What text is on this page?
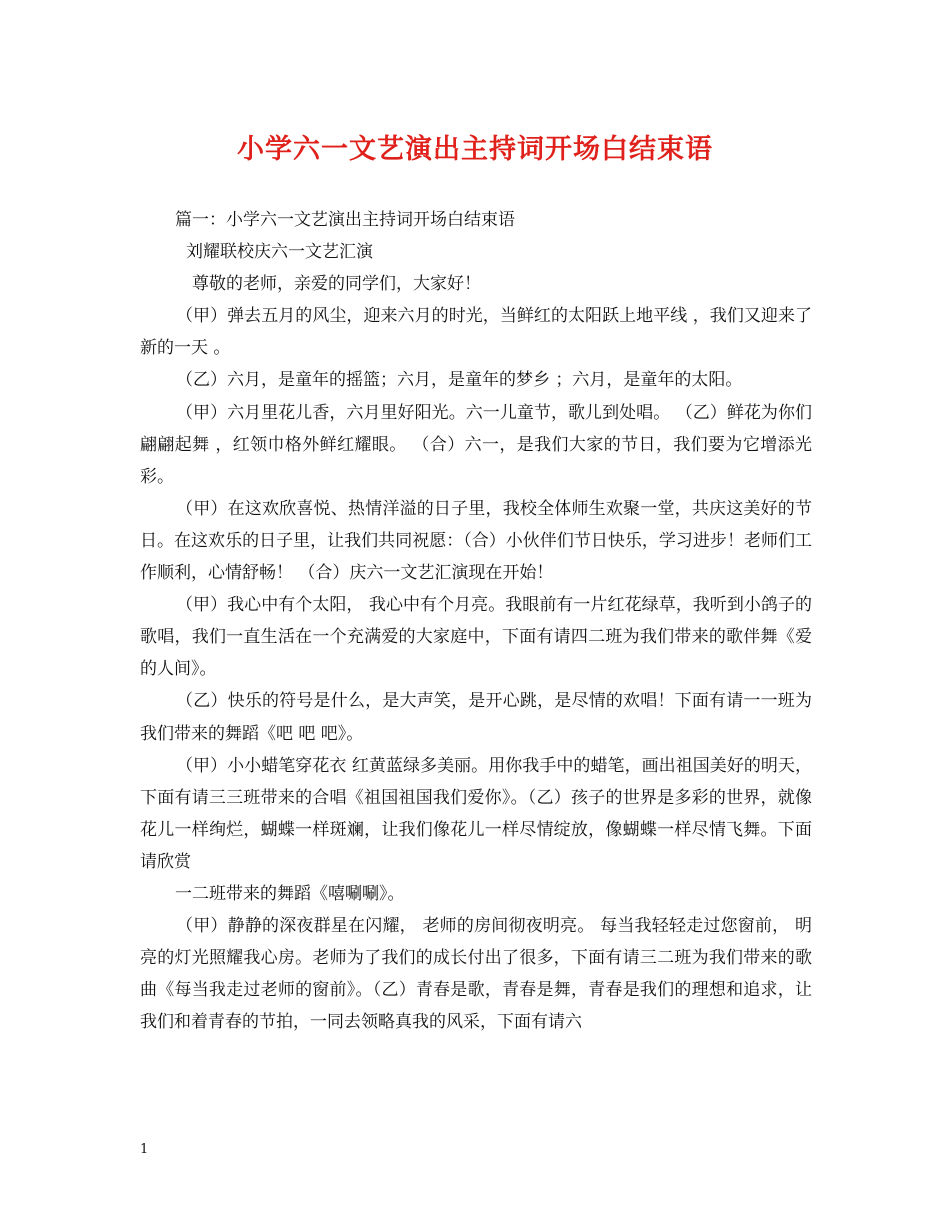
小学六一文艺演出主持词开场白结束语

篇一：小学六一文艺演出主持词开场白结束语

刘耀联校庆六一文艺汇演

尊敬的老师，亲爱的同学们，大家好！

（甲）弹去五月的风尘，迎来六月的时光，当鲜红的太阳跃上地平线 ，我们又迎来了新的一天 。

（乙）六月，是童年的摇篮；六月，是童年的梦乡 ；六月，是童年的太阳。

（甲）六月里花儿香，六月里好阳光。六一儿童节，歌儿到处唱。 （乙）鲜花为你们翩翩起舞 ，红领巾格外鲜红耀眼。 （合）六一，是我们大家的节日，我们要为它增添光彩。

（甲）在这欢欣喜悦、热情洋溢的日子里，我校全体师生欢聚一堂，共庆这美好的节日。在这欢乐的日子里，让我们共同祝愿：（合）小伙伴们节日快乐，学习进步！老师们工作顺利，心情舒畅！ （合）庆六一文艺汇演现在开始！

（甲）我心中有个太阳， 我心中有个月亮。我眼前有一片红花绿草，我听到小鸽子的歌唱，我们一直生活在一个充满爱的大家庭中，下面有请四二班为我们带来的歌伴舞《爱的人间》。

（乙）快乐的符号是什么，是大声笑，是开心跳，是尽情的欢唱！下面有请一一班为我们带来的舞蹈《吧 吧 吧》。

（甲）小小蜡笔穿花衣 红黄蓝绿多美丽。用你我手中的蜡笔，画出祖国美好的明天，下面有请三三班带来的合唱《祖国祖国我们爱你》。（乙）孩子的世界是多彩的世界，就像花儿一样绚烂，蝴蝶一样斑斓，让我们像花儿一样尽情绽放，像蝴蝶一样尽情飞舞。下面请欣赏

一二班带来的舞蹈《嘻唰唰》。

（甲）静静的深夜群星在闪耀， 老师的房间彻夜明亮。 每当我轻轻走过您窗前， 明亮的灯光照耀我心房。老师为了我们的成长付出了很多，下面有请三二班为我们带来的歌曲《每当我走过老师的窗前》。（乙）青春是歌，青春是舞，青春是我们的理想和追求，让我们和着青春的节拍，一同去领略真我的风采，下面有请六

1
